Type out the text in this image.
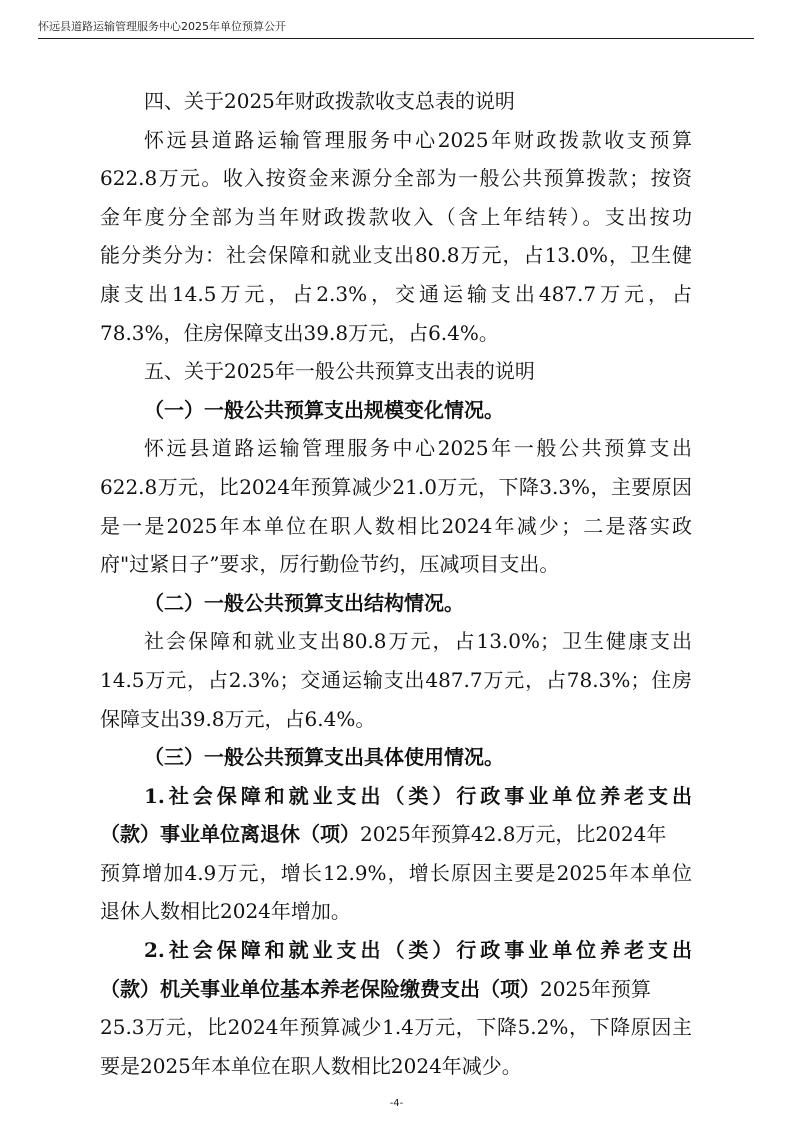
怀远县道路运输管理服务中心2025年单位预算公开
四、关于2025年财政拨款收支总表的说明
怀远县道路运输管理服务中心2025年财政拨款收支预算
622.8万元。收入按资金来源分全部为一般公共预算拨款；按资
金年度分全部为当年财政拨款收入（含上年结转）。支出按功
能分类分为：社会保障和就业支出80.8万元，占13.0%，卫生健
康支出14.5万元，占2.3%，交通运输支出487.7万元，占
78.3%，住房保障支出39.8万元，占6.4%。
五、关于2025年一般公共预算支出表的说明
（一）一般公共预算支出规模变化情况。
怀远县道路运输管理服务中心2025年一般公共预算支出
622.8万元，比2024年预算减少21.0万元，下降3.3%，主要原因
是一是2025年本单位在职人数相比2024年减少；二是落实政
府"过紧日子”要求，厉行勤俭节约，压减项目支出。
（二）一般公共预算支出结构情况。
社会保障和就业支出80.8万元，占13.0%；卫生健康支出
14.5万元，占2.3%；交通运输支出487.7万元，占78.3%；住房
保障支出39.8万元，占6.4%。
（三）一般公共预算支出具体使用情况。
1.社会保障和就业支出（类）行政事业单位养老支出
（款）事业单位离退休（项）2025年预算42.8万元，比2024年
预算增加4.9万元，增长12.9%，增长原因主要是2025年本单位
退休人数相比2024年增加。
2.社会保障和就业支出（类）行政事业单位养老支出
（款）机关事业单位基本养老保险缴费支出（项）2025年预算
25.3万元，比2024年预算减少1.4万元，下降5.2%，下降原因主
要是2025年本单位在职人数相比2024年减少。
-4-
